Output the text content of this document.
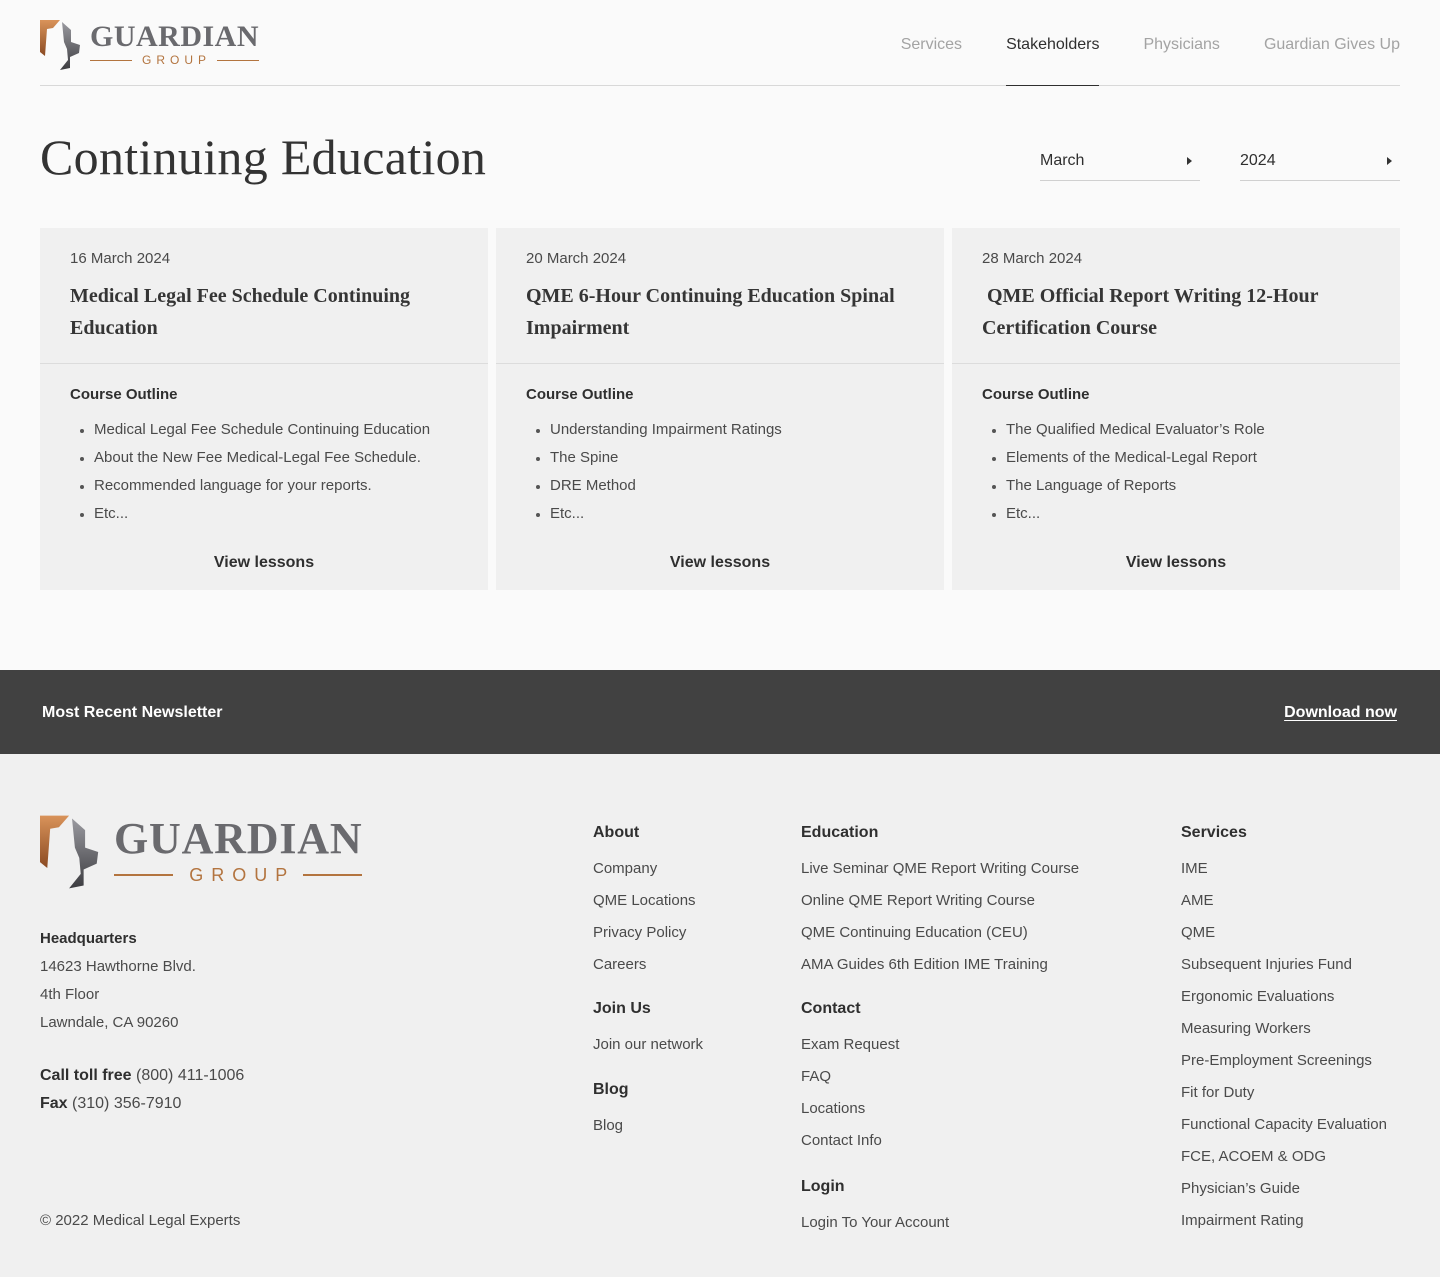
GUARDIAN
GROUP
Services	Stakeholders	Physicians	Guardian Gives Up
Continuing Education	March	2024
16 March 2024
Medical Legal Fee Schedule Continuing Education
Course Outline
Medical Legal Fee Schedule Continuing Education
About the New Fee Medical-Legal Fee Schedule.
Recommended language for your reports.
Etc...
View lessons
20 March 2024
QME 6-Hour Continuing Education Spinal Impairment
Course Outline
Understanding Impairment Ratings
The Spine
DRE Method
Etc...
View lessons
28 March 2024
QME Official Report Writing 12-Hour Certification Course
Course Outline
The Qualified Medical Evaluator’s Role
Elements of the Medical-Legal Report
The Language of Reports
Etc...
View lessons
Most Recent Newsletter	Download now
GUARDIAN
GROUP
Headquarters
14623 Hawthorne Blvd.
4th Floor
Lawndale, CA 90260
Call toll free (800) 411-1006
Fax (310) 356-7910
© 2022 Medical Legal Experts
About
Company
QME Locations
Privacy Policy
Careers
Join Us
Join our network
Blog
Blog
Education
Live Seminar QME Report Writing Course
Online QME Report Writing Course
QME Continuing Education (CEU)
AMA Guides 6th Edition IME Training
Contact
Exam Request
FAQ
Locations
Contact Info
Login
Login To Your Account
Services
IME
AME
QME
Subsequent Injuries Fund
Ergonomic Evaluations
Measuring Workers
Pre-Employment Screenings
Fit for Duty
Functional Capacity Evaluation
FCE, ACOEM & ODG
Physician’s Guide
Impairment Rating
